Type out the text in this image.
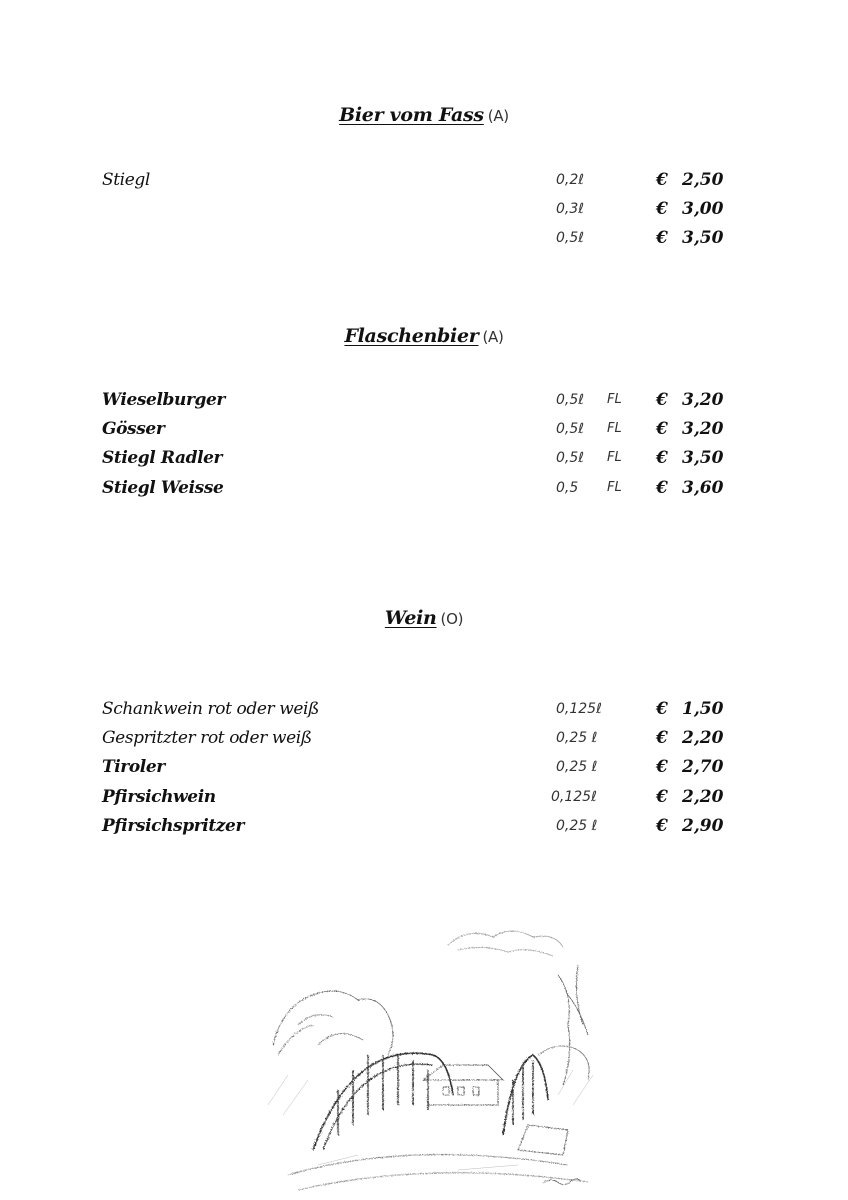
Bier vom Fass (A)
Stiegl	0,2ℓ	€ 2,50
0,3ℓ	€ 3,00
0,5ℓ	€ 3,50
Flaschenbier (A)
Wieselburger	0,5ℓ FL € 3,20
Gösser	0,5ℓ FL € 3,20
Stiegl Radler	0,5ℓ FL € 3,50
Stiegl Weisse	0,5 FL € 3,60
Wein (O)
Schankwein rot oder weiß	0,125ℓ	€ 1,50
Gespritzter rot oder weiß	0,25 ℓ	€ 2,20
Tiroler	0,25 ℓ	€ 2,70
Pfirsichwein	0,125ℓ	€ 2,20
Pfirsichspritzer	0,25 ℓ	€ 2,90
